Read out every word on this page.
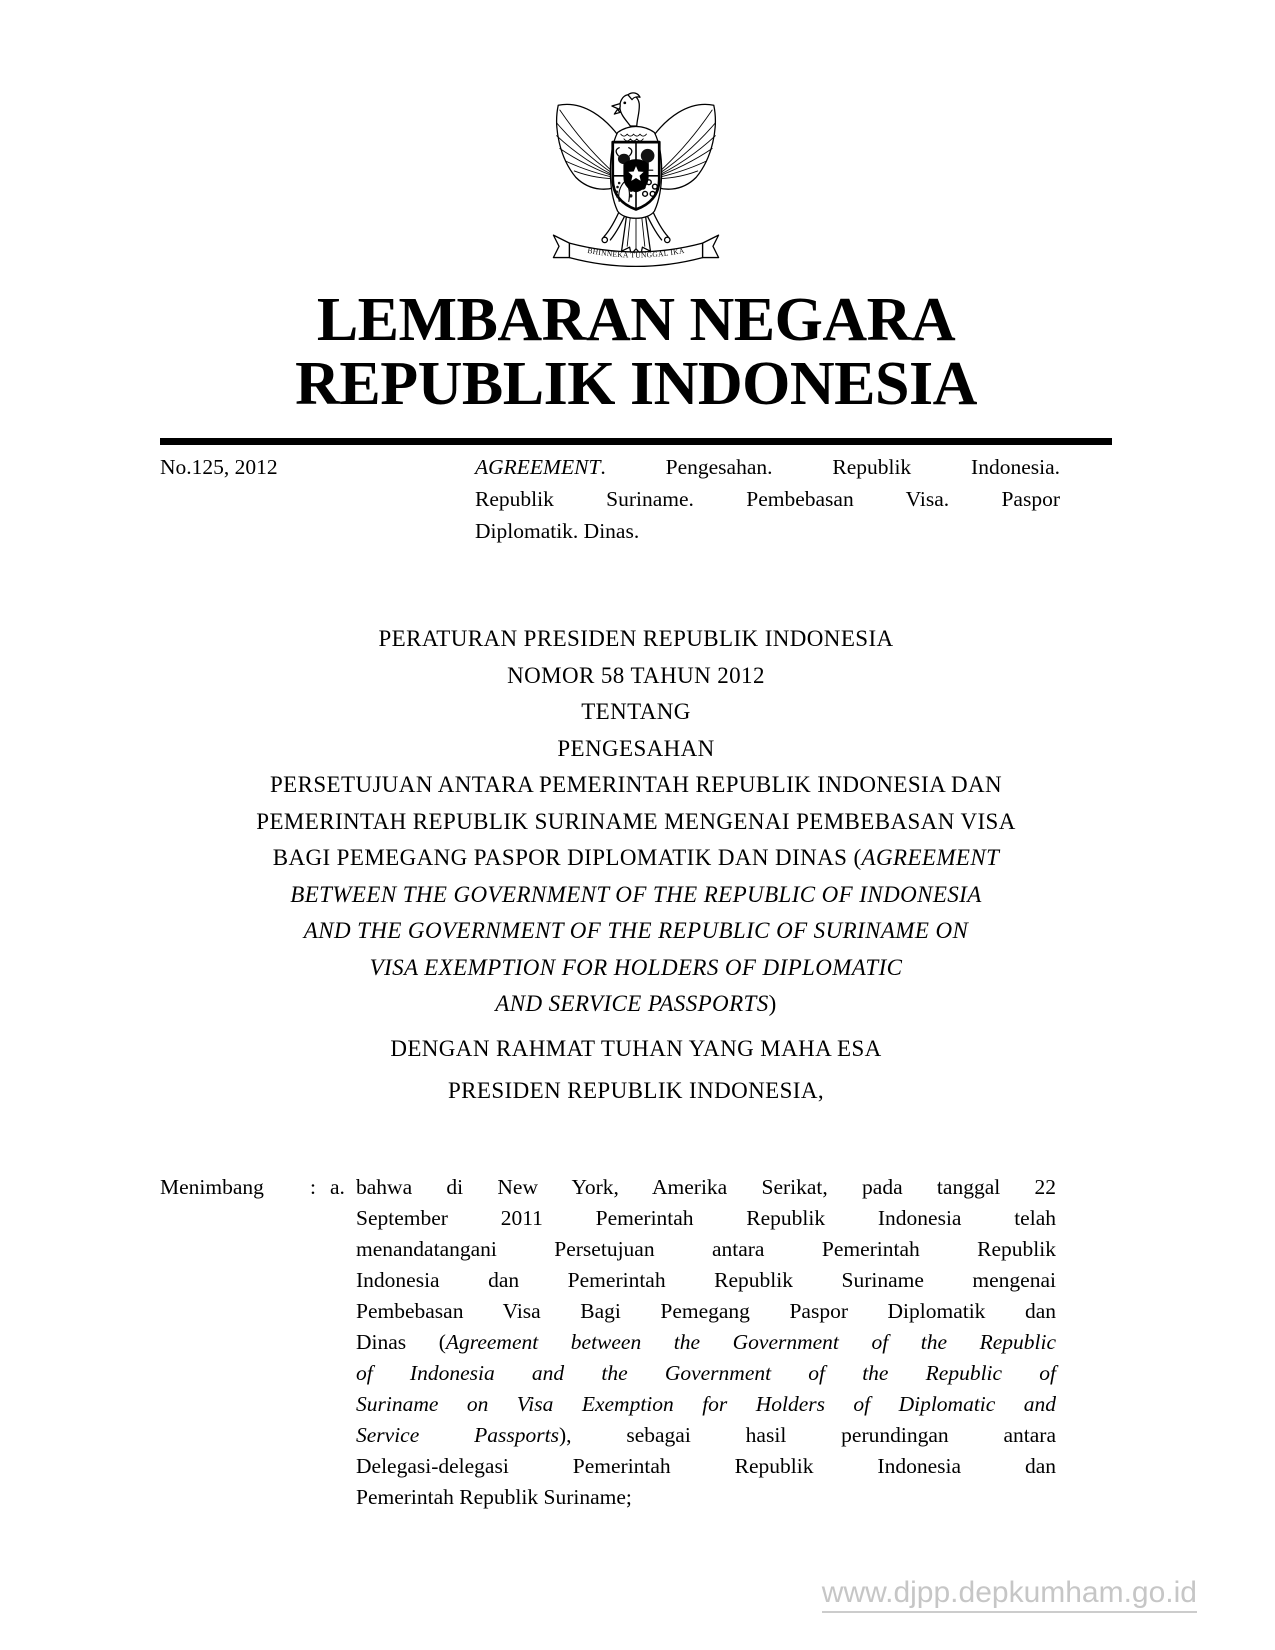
BHINNEKA TUNGGAL IKA
LEMBARAN NEGARA
REPUBLIK INDONESIA
No.125, 2012	AGREEMENT. Pengesahan. Republik Indonesia.
Republik Suriname. Pembebasan Visa. Paspor
Diplomatik. Dinas.
PERATURAN PRESIDEN REPUBLIK INDONESIA
NOMOR 58 TAHUN 2012
TENTANG
PENGESAHAN
PERSETUJUAN ANTARA PEMERINTAH REPUBLIK INDONESIA DAN
PEMERINTAH REPUBLIK SURINAME MENGENAI PEMBEBASAN VISA
BAGI PEMEGANG PASPOR DIPLOMATIK DAN DINAS (AGREEMENT
BETWEEN THE GOVERNMENT OF THE REPUBLIC OF INDONESIA
AND THE GOVERNMENT OF THE REPUBLIC OF SURINAME ON
VISA EXEMPTION FOR HOLDERS OF DIPLOMATIC
AND SERVICE PASSPORTS)
DENGAN RAHMAT TUHAN YANG MAHA ESA
PRESIDEN REPUBLIK INDONESIA,
Menimbang	: a. bahwa di New York, Amerika Serikat, pada tanggal 22
September 2011 Pemerintah Republik Indonesia telah
menandatangani Persetujuan antara Pemerintah Republik
Indonesia dan Pemerintah Republik Suriname mengenai
Pembebasan Visa Bagi Pemegang Paspor Diplomatik dan
Dinas (Agreement between the Government of the Republic
of Indonesia and the Government of the Republic of
Suriname on Visa Exemption for Holders of Diplomatic and
Service Passports), sebagai hasil perundingan antara
Delegasi-delegasi Pemerintah Republik Indonesia dan
Pemerintah Republik Suriname;
www.djpp.depkumham.go.id
